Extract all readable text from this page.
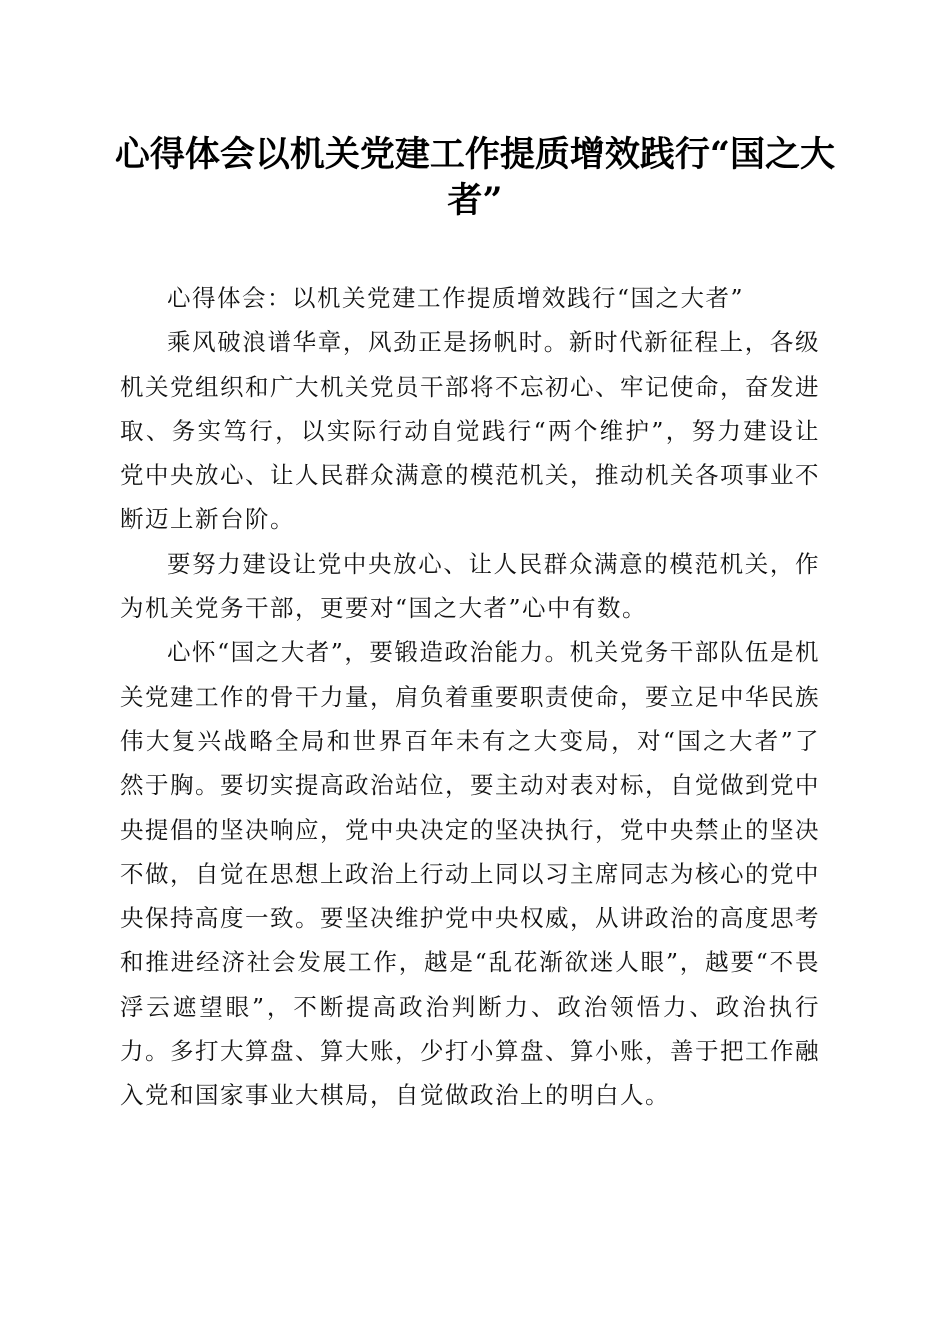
心得体会以机关党建工作提质增效践行“国之大者”

心得体会：以机关党建工作提质增效践行“国之大者”

乘风破浪谱华章，风劲正是扬帆时。新时代新征程上，各级机关党组织和广大机关党员干部将不忘初心、牢记使命，奋发进取、务实笃行，以实际行动自觉践行“两个维护”，努力建设让党中央放心、让人民群众满意的模范机关，推动机关各项事业不断迈上新台阶。

要努力建设让党中央放心、让人民群众满意的模范机关，作为机关党务干部，更要对“国之大者”心中有数。

心怀“国之大者”，要锻造政治能力。机关党务干部队伍是机关党建工作的骨干力量，肩负着重要职责使命，要立足中华民族伟大复兴战略全局和世界百年未有之大变局，对“国之大者”了然于胸。要切实提高政治站位，要主动对表对标，自觉做到党中央提倡的坚决响应，党中央决定的坚决执行，党中央禁止的坚决不做，自觉在思想上政治上行动上同以习主席同志为核心的党中央保持高度一致。要坚决维护党中央权威，从讲政治的高度思考和推进经济社会发展工作，越是“乱花渐欲迷人眼”，越要“不畏浮云遮望眼”，不断提高政治判断力、政治领悟力、政治执行力。多打大算盘、算大账，少打小算盘、算小账，善于把工作融入党和国家事业大棋局，自觉做政治上的明白人。
